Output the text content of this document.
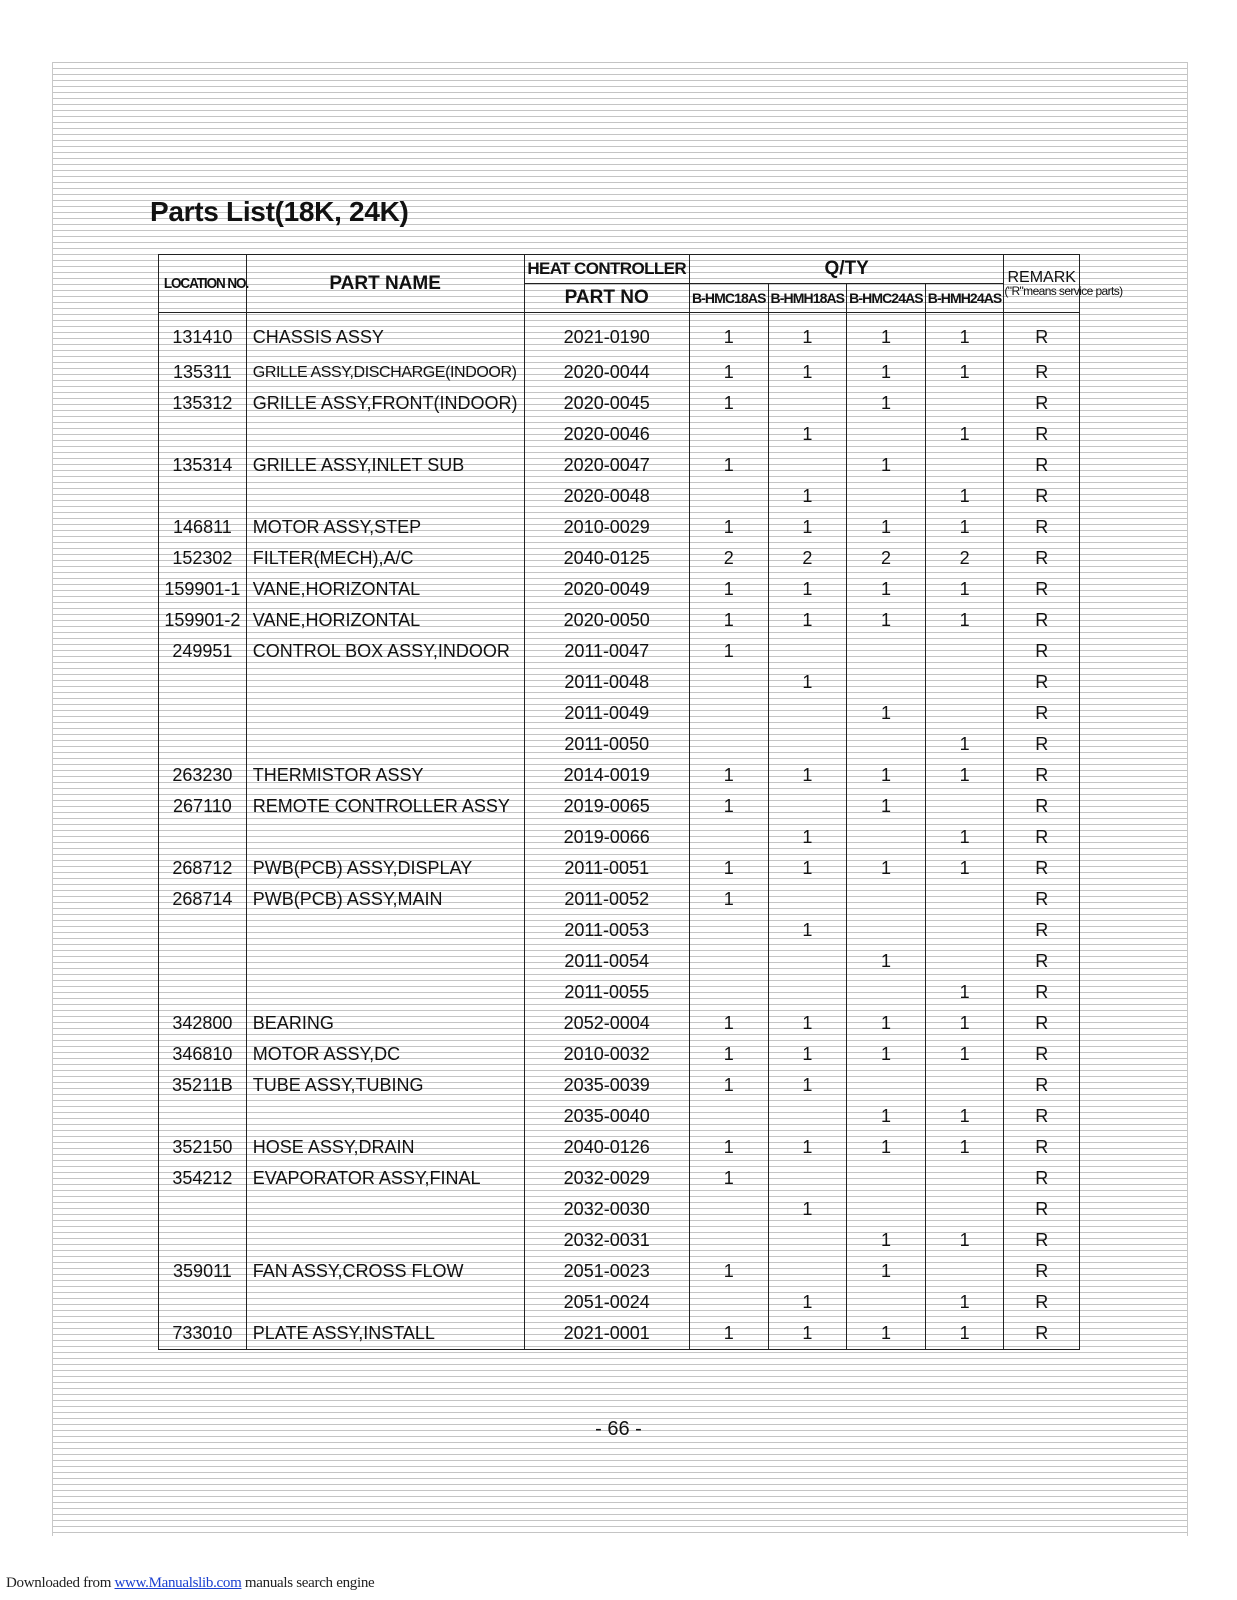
Parts List(18K, 24K)
LOCATION NO.	PART NAME	HEAT CONTROLLER	Q/TY				REMARK
("R"means service parts)

		PART NO	B-HMC18AS	B-HMH18AS	B-HMC24AS	B-HMH24AS	
131410	CHASSIS ASSY	2021-0190	1	1	1	1	R
135311	GRILLE ASSY,DISCHARGE(INDOOR)	2020-0044	1	1	1	1	R
135312	GRILLE ASSY,FRONT(INDOOR)	2020-0045	1		1		R
		2020-0046		1		1	R
135314	GRILLE ASSY,INLET SUB	2020-0047	1		1		R
		2020-0048		1		1	R
146811	MOTOR ASSY,STEP	2010-0029	1	1	1	1	R
152302	FILTER(MECH),A/C	2040-0125	2	2	2	2	R
159901-1	VANE,HORIZONTAL	2020-0049	1	1	1	1	R
159901-2	VANE,HORIZONTAL	2020-0050	1	1	1	1	R
249951	CONTROL BOX ASSY,INDOOR	2011-0047	1				R
		2011-0048		1			R
		2011-0049			1		R
		2011-0050				1	R
263230	THERMISTOR ASSY	2014-0019	1	1	1	1	R
267110	REMOTE CONTROLLER ASSY	2019-0065	1		1		R
		2019-0066		1		1	R
268712	PWB(PCB) ASSY,DISPLAY	2011-0051	1	1	1	1	R
268714	PWB(PCB) ASSY,MAIN	2011-0052	1				R
		2011-0053		1			R
		2011-0054			1		R
		2011-0055				1	R
342800	BEARING	2052-0004	1	1	1	1	R
346810	MOTOR ASSY,DC	2010-0032	1	1	1	1	R
35211B	TUBE ASSY,TUBING	2035-0039	1	1			R
		2035-0040			1	1	R
352150	HOSE ASSY,DRAIN	2040-0126	1	1	1	1	R
354212	EVAPORATOR ASSY,FINAL	2032-0029	1				R
		2032-0030		1			R
		2032-0031			1	1	R
359011	FAN ASSY,CROSS FLOW	2051-0023	1		1		R
		2051-0024		1		1	R
733010	PLATE ASSY,INSTALL	2021-0001	1	1	1	1	R
- 66 -
Downloaded from www.Manualslib.com manuals search engine
